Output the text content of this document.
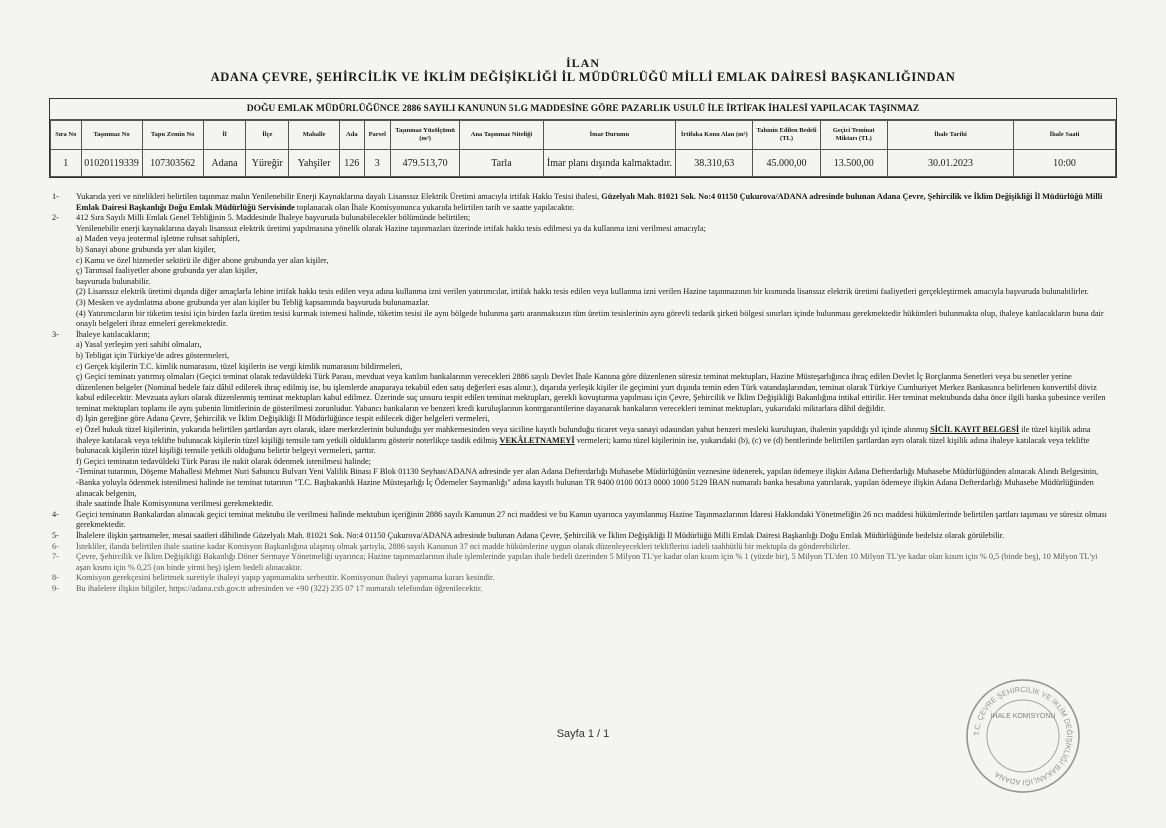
İLAN
ADANA ÇEVRE, ŞEHİRCİLİK VE İKLİM DEĞİŞİKLİĞİ İL MÜDÜRLÜĞÜ MİLLİ EMLAK DAİRESİ BAŞKANLIĞINDAN
DOĞU EMLAK MÜDÜRLÜĞÜNCE 2886 SAYILI KANUNUN 51.G MADDESİNE GÖRE PAZARLIK USULÜ İLE İRTİFAK İHALESİ YAPILACAK TAŞINMAZ
Sıra No	Taşınmaz No	Tapu Zemin No	İl	İlçe	Mahalle	Ada	Parsel	Taşınmaz Yüzölçümü (m²)	Ana Taşınmaz Niteliği	İmar Durumu	İrtifaka Konu Alan (m²)	Tahmin Edilen Bedeli (TL)	Geçici Teminat Miktarı (TL)	İhale Tarihi	İhale Saati
1	01020119339	107303562	Adana	Yüreğir	Yahşiler	126	3	479.513,70	Tarla	İmar planı dışında kalmaktadır.	38.310,63	45.000,00	13.500,00	30.01.2023	10:00
1-	Yukarıda yeri ve nitelikleri belirtilen taşınmaz malın Yenilenebilir Enerji Kaynaklarına dayalı Lisanssız Elektrik Üretimi amacıyla irtifak Hakkı Tesisi ihalesi, Güzelyalı Mah. 81021 Sok. No:4 01150 Çukurova/ADANA adresinde bulunan Adana Çevre, Şehircilik ve İklim Değişikliği İl Müdürlüğü Milli Emlak Dairesi Başkanlığı Doğu Emlak Müdürlüğü Servisinde toplanacak olan İhale Komisyonunca yukarıda belirtilen tarih ve saatte yapılacaktır.
2-	412 Sıra Sayılı Milli Emlak Genel Tebliğinin 5. Maddesinde İhaleye başvuruda bulunabilecekler bölümünde belirtilen;
Yenilenebilir enerji kaynaklarına dayalı lisanssız elektrik üretimi yapılmasına yönelik olarak Hazine taşınmazları üzerinde irtifak hakkı tesis edilmesi ya da kullanma izni verilmesi amacıyla;
a) Maden veya jeotermal işletme ruhsat sahipleri,
b) Sanayi abone grubunda yer alan kişiler,
c) Kamu ve özel hizmetler sektörü ile diğer abone grubunda yer alan kişiler,
ç) Tarımsal faaliyetler abone grubunda yer alan kişiler,
başvuruda bulunabilir.
(2) Lisanssız elektrik üretimi dışında diğer amaçlarla lehine irtifak hakkı tesis edilen veya adına kullanma izni verilen yatırımcılar, irtifak hakkı tesis edilen veya kullanma izni verilen Hazine taşınmazının bir kısmında lisanssız elektrik üretimi faaliyetleri gerçekleştirmek amacıyla başvuruda bulunabilirler.
(3) Mesken ve aydınlatma abone grubunda yer alan kişiler bu Tebliğ kapsamında başvuruda bulunamazlar.
(4) Yatırımcıların bir tüketim tesisi için birden fazla üretim tesisi kurmak istemesi halinde, tüketim tesisi ile aynı bölgede bulunma şartı aranmaksızın tüm üretim tesislerinin aynı görevli tedarik şirketi bölgesi sınırları içinde bulunması gerekmektedir hükümleri bulunmakta olup, ihaleye katılacakların buna dair onaylı belgeleri ibraz etmeleri gerekmektedir.
3-	İhaleye katılacakların;
a) Yasal yerleşim yeri sahibi olmaları,
b) Tebligat için Türkiye'de adres göstermeleri,
c) Gerçek kişilerin T.C. kimlik numarasını, tüzel kişilerin ise vergi kimlik numarasını bildirmeleri,
ç) Geçici teminatı yatırmış olmaları (Geçici teminat olarak tedavüldeki Türk Parası, mevduat veya katılım bankalarının verecekleri 2886 sayılı Devlet İhale Kanuna göre düzenlenen süresiz teminat mektupları, Hazine Müsteşarlığınca ihraç edilen Devlet İç Borçlanma Senetleri veya bu senetler yerine düzenlenen belgeler (Nominal bedele faiz dâhil edilerek ihraç edilmiş ise, bu işlemlerde anaparaya tekabül eden satış değerleri esas alınır.), dışarıda yerleşik kişiler ile geçimini yurt dışında temin eden Türk vatandaşlarından, teminat olarak Türkiye Cumhuriyet Merkez Bankasınca belirlenen konvertibl döviz kabul edilecektir. Mevzuata aykırı olarak düzenlenmiş teminat mektupları kabul edilmez. Üzerinde suç unsuru tespit edilen teminat mektupları, gerekli kovuşturma yapılması için Çevre, Şehircilik ve İklim Değişikliği Bakanlığına intikal ettirilir. Her teminat mektubunda daha önce ilgili banka şubesince verilen teminat mektupları toplamı ile aynı şubenin limitlerinin de gösterilmesi zorunludur. Yabancı bankaların ve benzeri kredi kuruluşlarının kontrgarantilerine dayanarak bankaların verecekleri teminat mektupları, yukarıdaki miktarlara dâhil değildir.
d) İşin gereğine göre Adana Çevre, Şehircilik ve İklim Değişikliği İl Müdürlüğünce tespit edilecek diğer belgeleri vermeleri,
e) Özel hukuk tüzel kişilerinin, yukarıda belirtilen şartlardan ayrı olarak, idare merkezlerinin bulunduğu yer mahkemesinden veya siciline kayıtlı bulunduğu ticaret veya sanayi odasından yahut benzeri mesleki kuruluştan, ihalenin yapıldığı yıl içinde alınmış SİCİL KAYIT BELGESİ ile tüzel kişilik adına ihaleye katılacak veya teklifte bulunacak kişilerin tüzel kişiliği temsile tam yetkili olduklarını gösterir noterlikçe tasdik edilmiş VEKÂLETNAMEYİ vermeleri; kamu tüzel kişilerinin ise, yukarıdaki (b), (c) ve (d) bentlerinde belirtilen şartlardan ayrı olarak tüzel kişilik adına ihaleye katılacak veya teklifte bulunacak kişilerin tüzel kişiliği temsile yetkili olduğunu belirtir belgeyi vermeleri, şarttır.
f) Geçici teminatın tedavüldeki Türk Parası ile nakit olarak ödenmek istenilmesi halinde;
-Teminat tutarının, Döşeme Mahallesi Mehmet Nuri Sabuncu Bulvarı Yeni Valilik Binası F Blok 01130 Seyhan/ADANA adresinde yer alan Adana Defterdarlığı Muhasebe Müdürlüğünün veznesine ödenerek, yapılan ödemeye ilişkin Adana Defterdarlığı Muhasebe Müdürlüğünden alınacak Alındı Belgesinin,
-Banka yoluyla ödenmek istenilmesi halinde ise teminat tutarının "T.C. Başbakanlık Hazine Müsteşarlığı İç Ödemeler Saymanlığı" adına kayıtlı bulunan TR 9400 0100 0013 0000 1000 5129 İBAN numaralı banka hesabına yatırılarak, yapılan ödemeye ilişkin Adana Defterdarlığı Muhasebe Müdürlüğünden alınacak belgenin,
ihale saatinde İhale Komisyonuna verilmesi gerekmektedir.
4-	Geçici teminatın Bankalardan alınacak geçici teminat mektubu ile verilmesi halinde mektubun içeriğinin 2886 sayılı Kanunun 27 nci maddesi ve bu Kanun uyarınca yayımlanmış Hazine Taşınmazlarının İdaresi Hakkındaki Yönetmeliğin 26 ncı maddesi hükümlerinde belirtilen şartları taşıması ve süresiz olması gerekmektedir.
5-	İhalelere ilişkin şartnameler, mesai saatleri dâhilinde Güzelyalı Mah. 81021 Sok. No:4 01150 Çukurova/ADANA adresinde bulunan Adana Çevre, Şehircilik ve İklim Değişikliği İl Müdürlüğü Milli Emlak Dairesi Başkanlığı Doğu Emlak Müdürlüğünde bedelsiz olarak görülebilir.
6-	İstekliler, ilanda belirtilen ihale saatine kadar Komisyon Başkanlığına ulaşmış olmak şartıyla, 2886 sayılı Kanunun 37 nci madde hükümlerine uygun olarak düzenleyecekleri tekliflerini iadeli taahhütlü bir mektupla da gönderebilirler.
7-	Çevre, Şehircilik ve İklim Değişikliği Bakanlığı Döner Sermaye Yönetmeliği uyarınca; Hazine taşınmazlarının ihale işlemlerinde yapılan ihale bedeli üzerinden 5 Milyon TL'ye kadar olan kısım için % 1 (yüzde bir), 5 Milyon TL'den 10 Milyon TL'ye kadar olan kısım için % 0,5 (binde beş), 10 Milyon TL'yi aşan kısmı için % 0,25 (on binde yirmi beş) işlem bedeli alınacaktır.
8-	Komisyon gerekçesini belirtmek suretiyle ihaleyi yapıp yapmamakta serbesttir. Komisyonun ihaleyi yapmama kararı kesindir.
9-	Bu ihalelere ilişkin bilgiler, https://adana.csb.gov.tr adresinden ve +90 (322) 235 07 17 numaralı telefondan öğrenilecektir.
Sayfa 1 / 1	T.C. ÇEVRE ŞEHİRCİLİK VE İKLİM DEĞİŞİKLİĞİ BAKANLIĞI ADANA
İHALE KOMİSYONU
